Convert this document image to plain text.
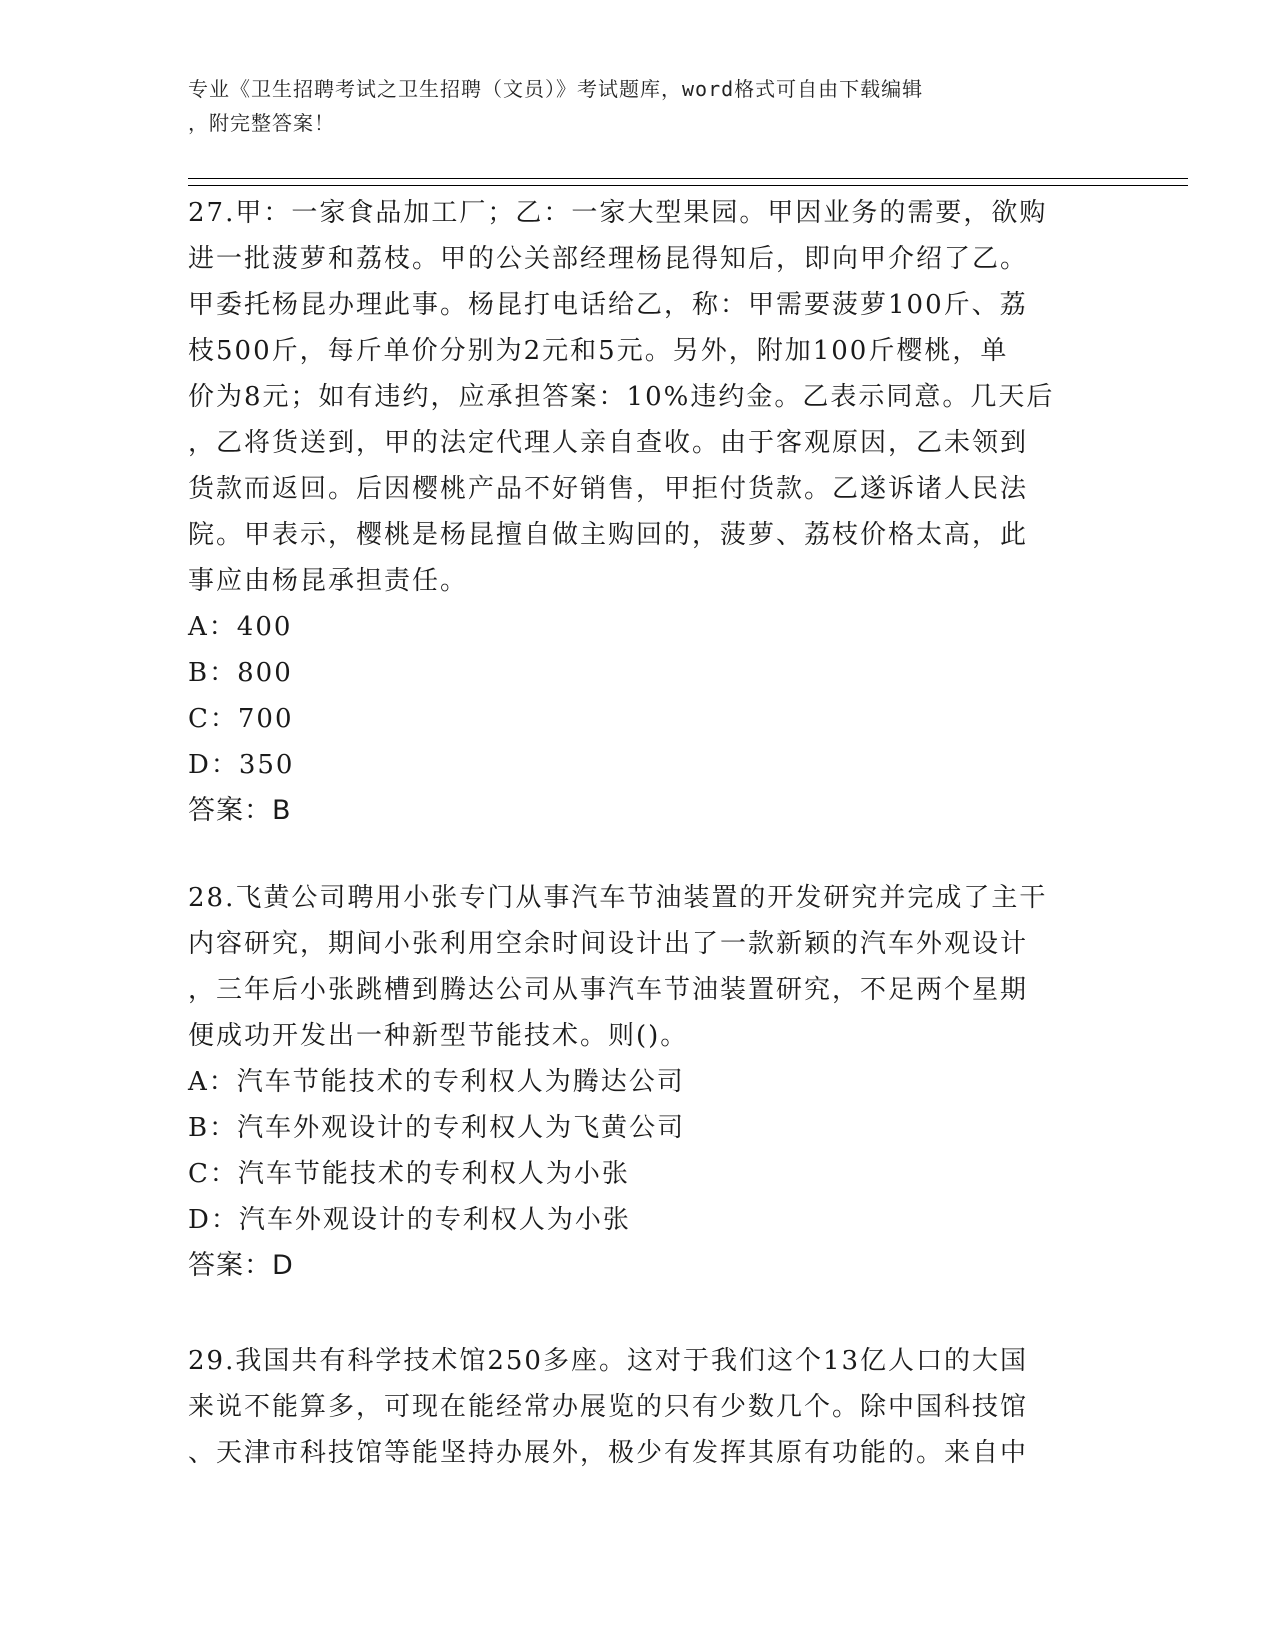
专业《卫生招聘考试之卫生招聘（文员）》考试题库，word格式可自由下载编辑
，附完整答案！
27.甲：一家食品加工厂；乙：一家大型果园。甲因业务的需要，欲购
进一批菠萝和荔枝。甲的公关部经理杨昆得知后，即向甲介绍了乙。
甲委托杨昆办理此事。杨昆打电话给乙，称：甲需要菠萝100斤、荔
枝500斤，每斤单价分别为2元和5元。另外，附加100斤樱桃，单
价为8元；如有违约，应承担答案：10%违约金。乙表示同意。几天后
，乙将货送到，甲的法定代理人亲自查收。由于客观原因，乙未领到
货款而返回。后因樱桃产品不好销售，甲拒付货款。乙遂诉诸人民法
院。甲表示，樱桃是杨昆擅自做主购回的，菠萝、荔枝价格太高，此
事应由杨昆承担责任。
A：400
B：800
C：700
D：350
答案：B
28.飞黄公司聘用小张专门从事汽车节油装置的开发研究并完成了主干
内容研究，期间小张利用空余时间设计出了一款新颖的汽车外观设计
，三年后小张跳槽到腾达公司从事汽车节油装置研究，不足两个星期
便成功开发出一种新型节能技术。则()。
A：汽车节能技术的专利权人为腾达公司
B：汽车外观设计的专利权人为飞黄公司
C：汽车节能技术的专利权人为小张
D：汽车外观设计的专利权人为小张
答案：D
29.我国共有科学技术馆250多座。这对于我们这个13亿人口的大国
来说不能算多，可现在能经常办展览的只有少数几个。除中国科技馆
、天津市科技馆等能坚持办展外，极少有发挥其原有功能的。来自中
